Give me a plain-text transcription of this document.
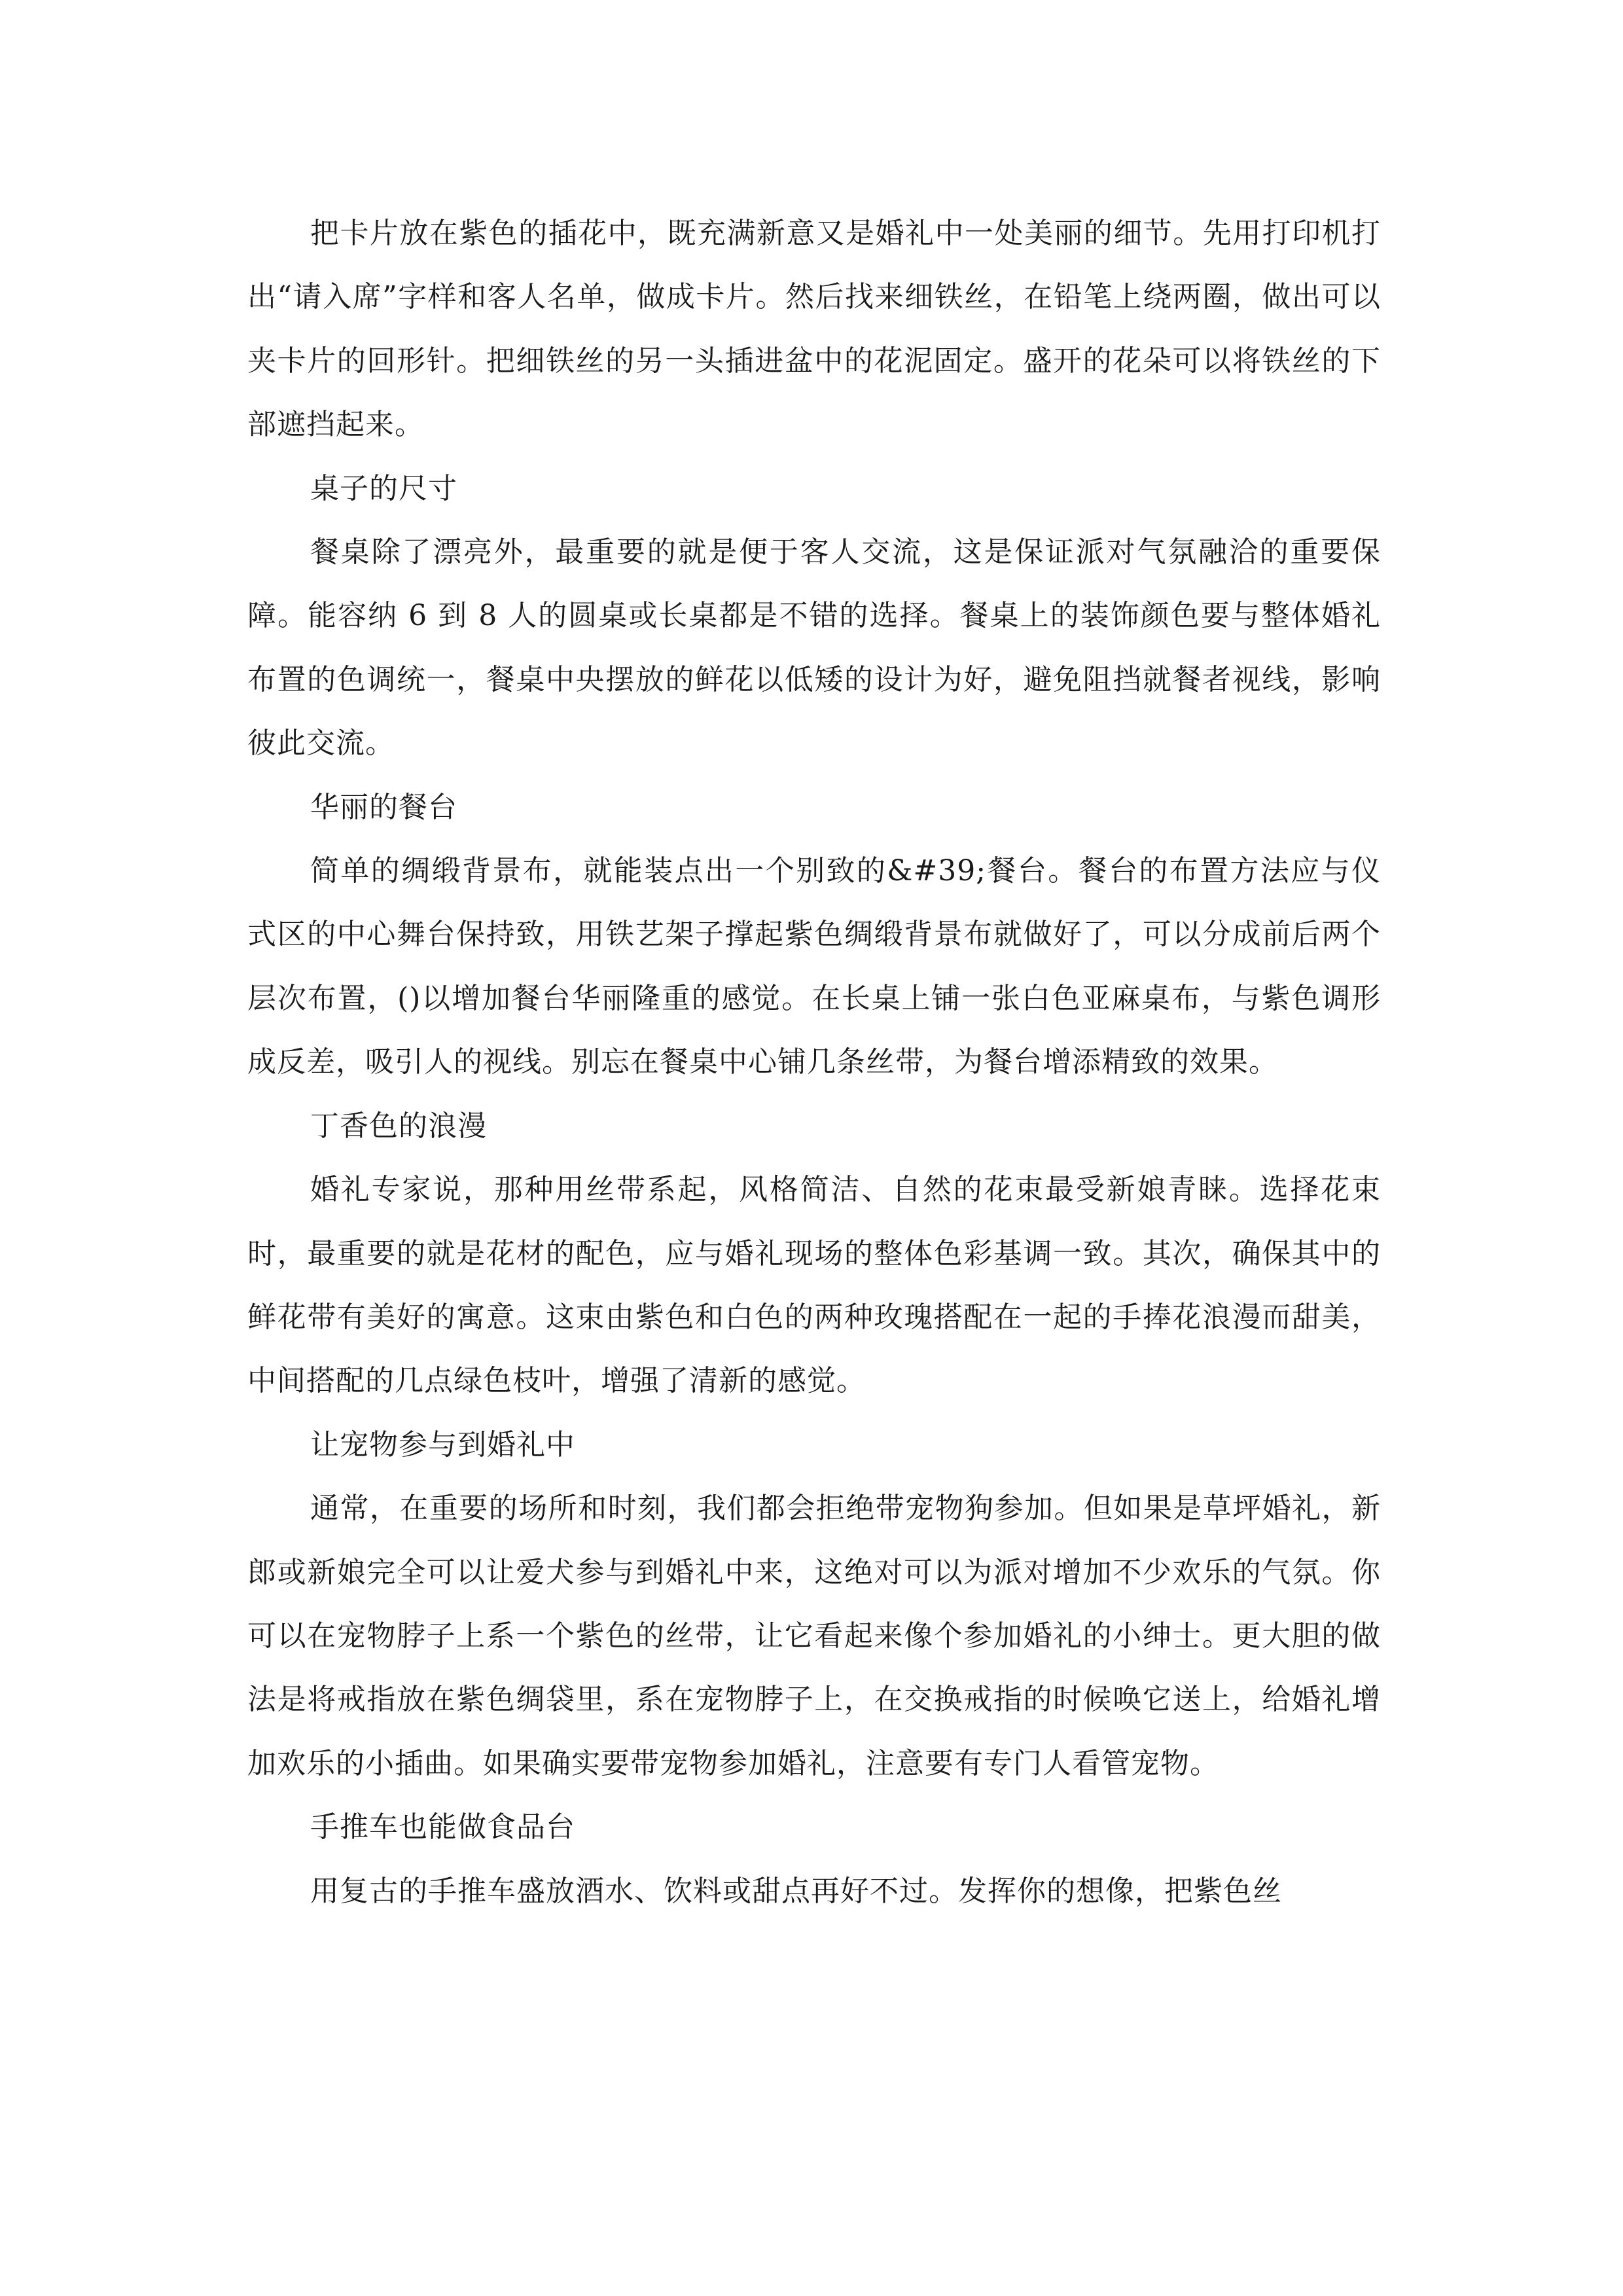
把卡片放在紫色的插花中，既充满新意又是婚礼中一处美丽的细节。先用打印机打出“请入席”字样和客人名单，做成卡片。然后找来细铁丝，在铅笔上绕两圈，做出可以夹卡片的回形针。把细铁丝的另一头插进盆中的花泥固定。盛开的花朵可以将铁丝的下部遮挡起来。

桌子的尺寸

餐桌除了漂亮外，最重要的就是便于客人交流，这是保证派对气氛融洽的重要保障。能容纳 6 到 8 人的圆桌或长桌都是不错的选择。餐桌上的装饰颜色要与整体婚礼布置的色调统一，餐桌中央摆放的鲜花以低矮的设计为好，避免阻挡就餐者视线，影响彼此交流。

华丽的餐台

简单的绸缎背景布，就能装点出一个别致的&#39;餐台。餐台的布置方法应与仪式区的中心舞台保持致，用铁艺架子撑起紫色绸缎背景布就做好了，可以分成前后两个层次布置，()以增加餐台华丽隆重的感觉。在长桌上铺一张白色亚麻桌布，与紫色调形成反差，吸引人的视线。别忘在餐桌中心铺几条丝带，为餐台增添精致的效果。

丁香色的浪漫

婚礼专家说，那种用丝带系起，风格简洁、自然的花束最受新娘青睐。选择花束时，最重要的就是花材的配色，应与婚礼现场的整体色彩基调一致。其次，确保其中的鲜花带有美好的寓意。这束由紫色和白色的两种玫瑰搭配在一起的手捧花浪漫而甜美，中间搭配的几点绿色枝叶，增强了清新的感觉。

让宠物参与到婚礼中

通常，在重要的场所和时刻，我们都会拒绝带宠物狗参加。但如果是草坪婚礼，新郎或新娘完全可以让爱犬参与到婚礼中来，这绝对可以为派对增加不少欢乐的气氛。你可以在宠物脖子上系一个紫色的丝带，让它看起来像个参加婚礼的小绅士。更大胆的做法是将戒指放在紫色绸袋里，系在宠物脖子上，在交换戒指的时候唤它送上，给婚礼增加欢乐的小插曲。如果确实要带宠物参加婚礼，注意要有专门人看管宠物。

手推车也能做食品台

用复古的手推车盛放酒水、饮料或甜点再好不过。发挥你的想像，把紫色丝
